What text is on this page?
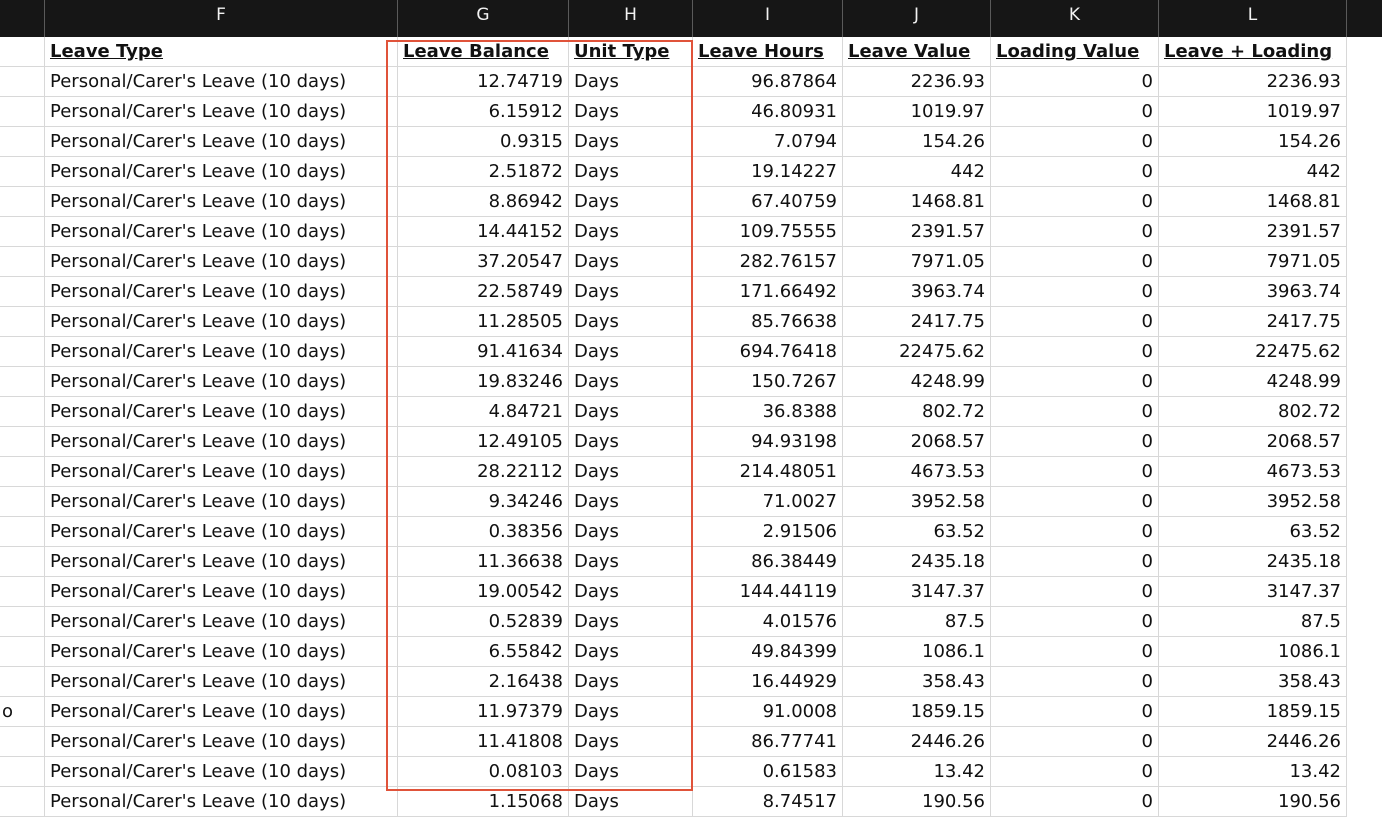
F	G	H	I	J	K	L
Leave Type	Leave Balance	Unit Type	Leave Hours	Leave Value	Loading Value	Leave + Loading
Personal/Carer's Leave (10 days)	12.74719 Days	96.87864	2236.93	0	2236.93
Personal/Carer's Leave (10 days)	6.15912 Days	46.80931	1019.97	0	1019.97
Personal/Carer's Leave (10 days)	0.9315 Days	7.0794	154.26	0	154.26
Personal/Carer's Leave (10 days)	2.51872 Days	19.14227	442	0	442
Personal/Carer's Leave (10 days)	8.86942 Days	67.40759	1468.81	0	1468.81
Personal/Carer's Leave (10 days)	14.44152 Days	109.75555	2391.57	0	2391.57
Personal/Carer's Leave (10 days)	37.20547 Days	282.76157	7971.05	0	7971.05
Personal/Carer's Leave (10 days)	22.58749 Days	171.66492	3963.74	0	3963.74
Personal/Carer's Leave (10 days)	11.28505 Days	85.76638	2417.75	0	2417.75
Personal/Carer's Leave (10 days)	91.41634 Days	694.76418	22475.62	0	22475.62
Personal/Carer's Leave (10 days)	19.83246 Days	150.7267	4248.99	0	4248.99
Personal/Carer's Leave (10 days)	4.84721 Days	36.8388	802.72	0	802.72
Personal/Carer's Leave (10 days)	12.49105 Days	94.93198	2068.57	0	2068.57
Personal/Carer's Leave (10 days)	28.22112 Days	214.48051	4673.53	0	4673.53
Personal/Carer's Leave (10 days)	9.34246 Days	71.0027	3952.58	0	3952.58
Personal/Carer's Leave (10 days)	0.38356 Days	2.91506	63.52	0	63.52
Personal/Carer's Leave (10 days)	11.36638 Days	86.38449	2435.18	0	2435.18
Personal/Carer's Leave (10 days)	19.00542 Days	144.44119	3147.37	0	3147.37
Personal/Carer's Leave (10 days)	0.52839 Days	4.01576	87.5	0	87.5
Personal/Carer's Leave (10 days)	6.55842 Days	49.84399	1086.1	0	1086.1
Personal/Carer's Leave (10 days)	2.16438 Days	16.44929	358.43	0	358.43
o	Personal/Carer's Leave (10 days)	11.97379 Days	91.0008	1859.15	0	1859.15
Personal/Carer's Leave (10 days)	11.41808 Days	86.77741	2446.26	0	2446.26
Personal/Carer's Leave (10 days)	0.08103 Days	0.61583	13.42	0	13.42
Personal/Carer's Leave (10 days)	1.15068 Days	8.74517	190.56	0	190.56
